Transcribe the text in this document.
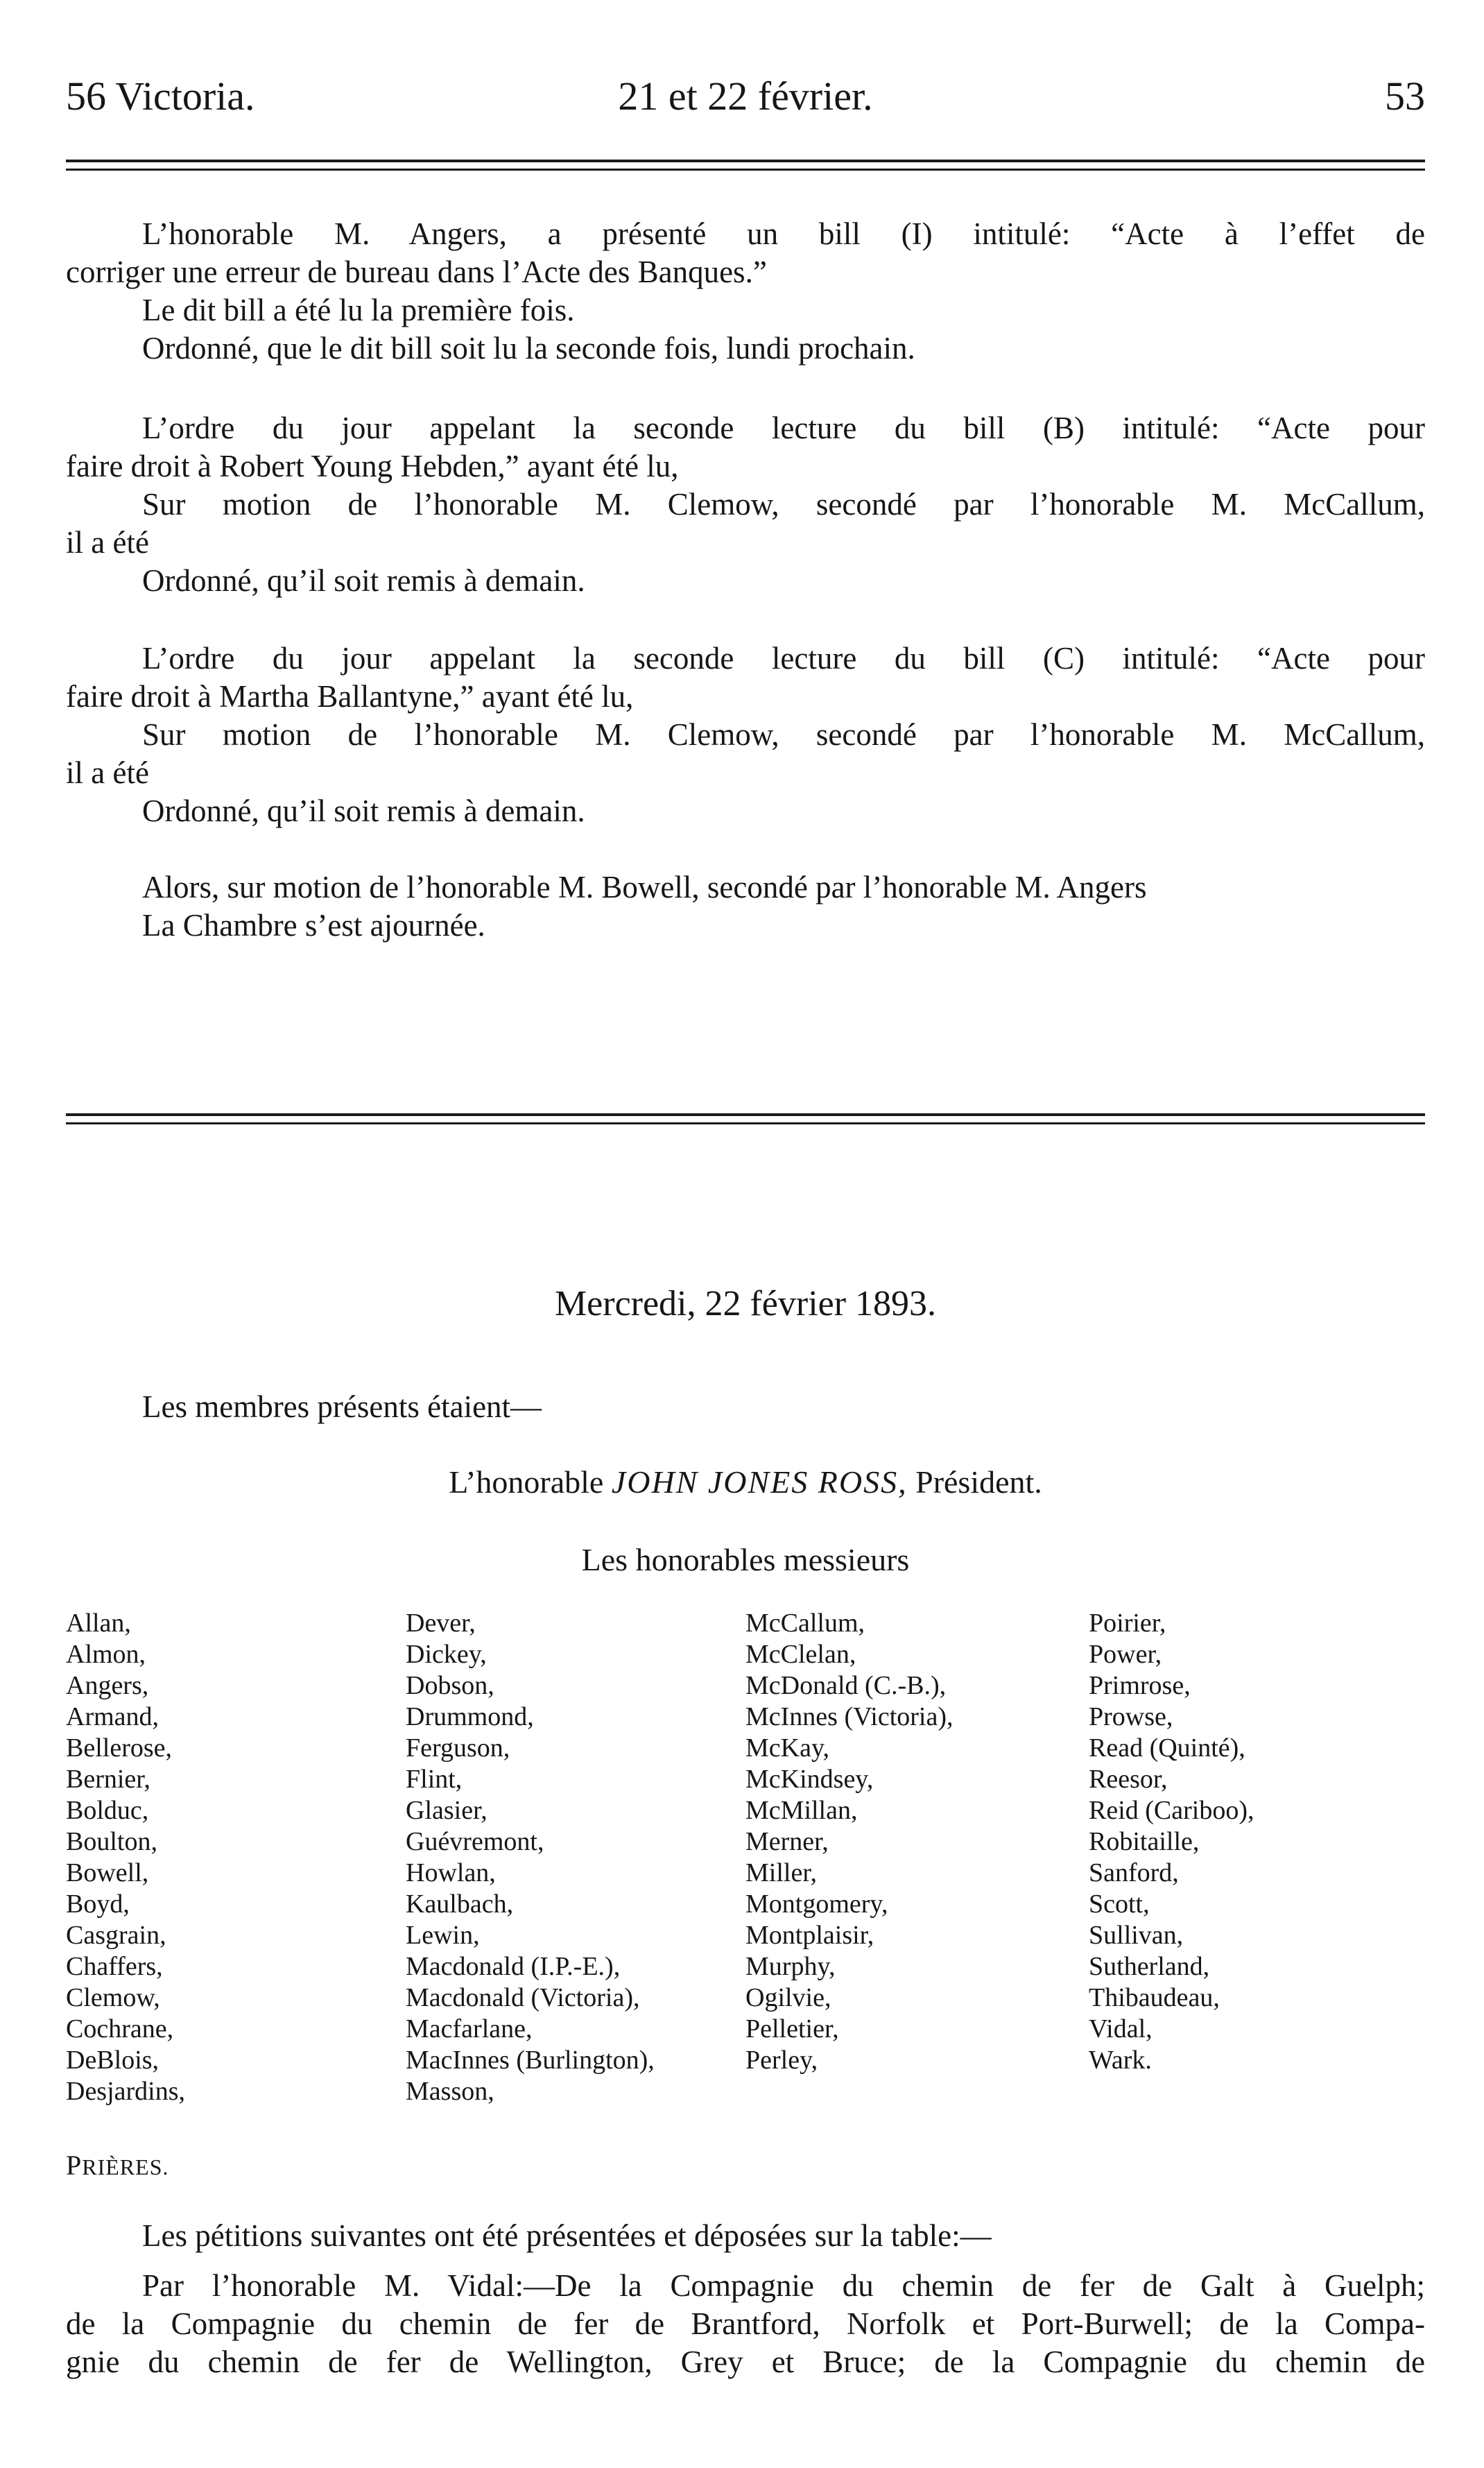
56 Victoria.	21 et 22 février.	53
L’honorable M. Angers, a présenté un bill (I) intitulé: “Acte à l’effet de
corriger une erreur de bureau dans l’Acte des Banques.”
Le dit bill a été lu la première fois.
Ordonné, que le dit bill soit lu la seconde fois, lundi prochain.
L’ordre du jour appelant la seconde lecture du bill (B) intitulé: “Acte pour
faire droit à Robert Young Hebden,” ayant été lu,
Sur motion de l’honorable M. Clemow, secondé par l’honorable M. McCallum,
il a été
Ordonné, qu’il soit remis à demain.
L’ordre du jour appelant la seconde lecture du bill (C) intitulé: “Acte pour
faire droit à Martha Ballantyne,” ayant été lu,
Sur motion de l’honorable M. Clemow, secondé par l’honorable M. McCallum,
il a été
Ordonné, qu’il soit remis à demain.
Alors, sur motion de l’honorable M. Bowell, secondé par l’honorable M. Angers
La Chambre s’est ajournée.
Mercredi, 22 février 1893.
Les membres présents étaient—
L’honorable JOHN JONES ROSS, Président.
Les honorables messieurs
Allan,
Almon,
Angers,
Armand,
Bellerose,
Bernier,
Bolduc,
Boulton,
Bowell,
Boyd,
Casgrain,
Chaffers,
Clemow,
Cochrane,
DeBlois,
Desjardins,
Dever,
Dickey,
Dobson,
Drummond,
Ferguson,
Flint,
Glasier,
Guévremont,
Howlan,
Kaulbach,
Lewin,
Macdonald (I.P.-E.),
Macdonald (Victoria),
Macfarlane,
MacInnes (Burlington),
Masson,
McCallum,
McClelan,
McDonald (C.-B.),
McInnes (Victoria),
McKay,
McKindsey,
McMillan,
Merner,
Miller,
Montgomery,
Montplaisir,
Murphy,
Ogilvie,
Pelletier,
Perley,
Poirier,
Power,
Primrose,
Prowse,
Read (Quinté),
Reesor,
Reid (Cariboo),
Robitaille,
Sanford,
Scott,
Sullivan,
Sutherland,
Thibaudeau,
Vidal,
Wark.
PRIÈRES.
Les pétitions suivantes ont été présentées et déposées sur la table:—
Par l’honorable M. Vidal:—De la Compagnie du chemin de fer de Galt à Guelph;
de la Compagnie du chemin de fer de Brantford, Norfolk et Port-Burwell; de la Compa-
gnie du chemin de fer de Wellington, Grey et Bruce; de la Compagnie du chemin de
